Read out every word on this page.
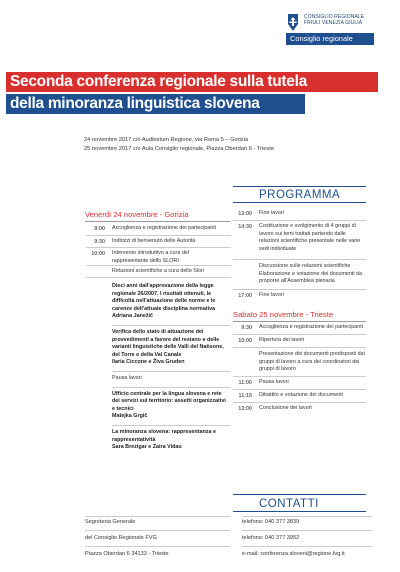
CONSIGLIO REGIONALE
FRIULI VENEZIA GIULIA
Consiglio regionale
Seconda conferenza regionale sulla tutela
della minoranza linguistica slovena
24 novembre 2017 c/o Auditorium Regione, via Roma 5 – Gorizia
25 novembre 2017 c/o Aula Consiglio regionale, Piazza Oberdan 6 - Trieste
PROGRAMMA
Venerdì 24 novembre - Gorizia
9:00 Accoglienza e registrazione dei partecipanti
9:30 Indirizzi di benvenuto delle Autorità
10:00 Intervento introduttivo a cura del rappresentante dello SLORI
Relazioni scientifiche a cura dello Slori
Dieci anni dall'approvazione della legge regionale 26/2007. I risultati ottenuti, le difficoltà nell'attuazione delle norme e le carenze dell'attuale disciplina normativa
Adriana Janežič
Verifica dello stato di attuazione dei provvedimenti a favore del resiano e delle varianti linguistiche delle Valli del Natisone, del Torre e della Val Canale
Ilaria Ciccone e Živa Gruden
Pausa lavori
Ufficio centrale per la lingua slovena e rete dei servizi sul territorio: assetti organizzativi e tecnici
Matejka Grgič
La minoranza slovena: rappresentanza e rappresentatività
Sara Brezigar e Zaira Vidau
13:00 Fine lavori
14:30 Costituzione e svolgimento di 4 gruppi di lavoro sui temi trattati partendo dalle relazioni scientifiche presentate nelle varie sedi individuate
Discussione sulle relazioni scientifiche Elaborazione e votazione dei documenti da proporre all'Assemblea plenaria
17:00 Fine lavori
Sabato 25 novembre - Trieste
9:30 Accoglienza e registrazione dei partecipanti
10:00 Ripertura dei lavori
Presentazione dei documenti predisposti dai gruppi di lavoro a cura dei coordinatori dei gruppi di lavoro
11:00 Pausa lavori
11:15 Dibattito e votazione dei documenti
13:00 Conclusione dei lavori
CONTATTI
Segreteria Generale
del Consiglio Regionale FVG
Piazza Oberdan 6 34133 - Trieste
telefono: 040 377 3839
telefono: 040 377 3952
e-mail: conferenza.sloveni@regione.fvg.it
